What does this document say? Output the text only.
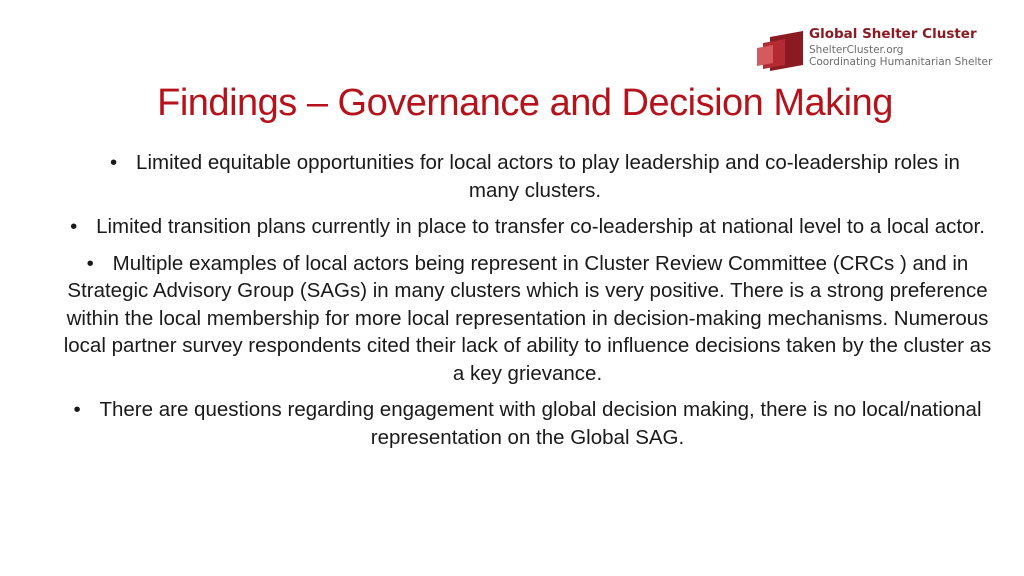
Global Shelter Cluster
ShelterCluster.org
Coordinating Humanitarian Shelter
Findings – Governance and Decision Making
• Limited equitable opportunities for local actors to play leadership and co-leadership roles in many clusters.
• Limited transition plans currently in place to transfer co-leadership at national level to a local actor.
• Multiple examples of local actors being represent in Cluster Review Committee (CRCs ) and in Strategic Advisory Group (SAGs) in many clusters which is very positive. There is a strong preference within the local membership for more local representation in decision-making mechanisms. Numerous local partner survey respondents cited their lack of ability to influence decisions taken by the cluster as a key grievance.
• There are questions regarding engagement with global decision making, there is no local/national representation on the Global SAG.
